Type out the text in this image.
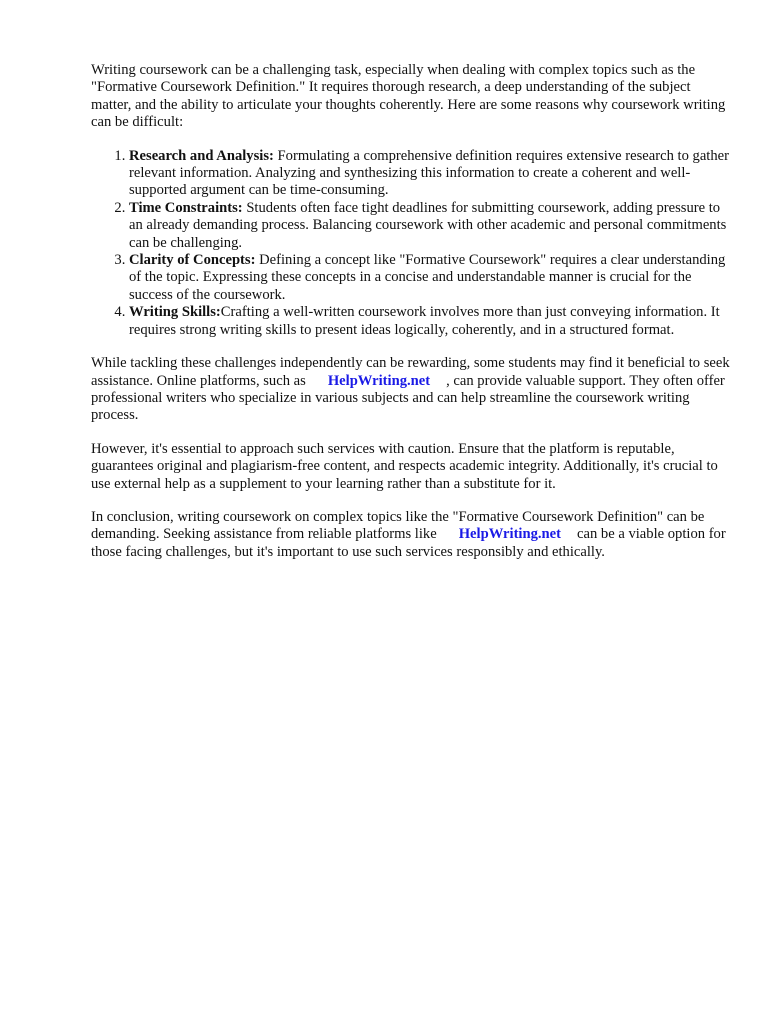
Writing coursework can be a challenging task, especially when dealing with complex topics such as the "Formative Coursework Definition." It requires thorough research, a deep understanding of the subject matter, and the ability to articulate your thoughts coherently. Here are some reasons why coursework writing can be difficult:

1. Research and Analysis: Formulating a comprehensive definition requires extensive research to gather relevant information. Analyzing and synthesizing this information to create a coherent and well-supported argument can be time-consuming.
2. Time Constraints: Students often face tight deadlines for submitting coursework, adding pressure to an already demanding process. Balancing coursework with other academic and personal commitments can be challenging.
3. Clarity of Concepts: Defining a concept like "Formative Coursework" requires a clear understanding of the topic. Expressing these concepts in a concise and understandable manner is crucial for the success of the coursework.
4. Writing Skills:Crafting a well-written coursework involves more than just conveying information. It requires strong writing skills to present ideas logically, coherently, and in a structured format.

While tackling these challenges independently can be rewarding, some students may find it beneficial to seek assistance. Online platforms, such as HelpWriting.net , can provide valuable support. They often offer professional writers who specialize in various subjects and can help streamline the coursework writing process.

However, it's essential to approach such services with caution. Ensure that the platform is reputable, guarantees original and plagiarism-free content, and respects academic integrity. Additionally, it's crucial to use external help as a supplement to your learning rather than a substitute for it.

In conclusion, writing coursework on complex topics like the "Formative Coursework Definition" can be demanding. Seeking assistance from reliable platforms like HelpWriting.net can be a viable option for those facing challenges, but it's important to use such services responsibly and ethically.
